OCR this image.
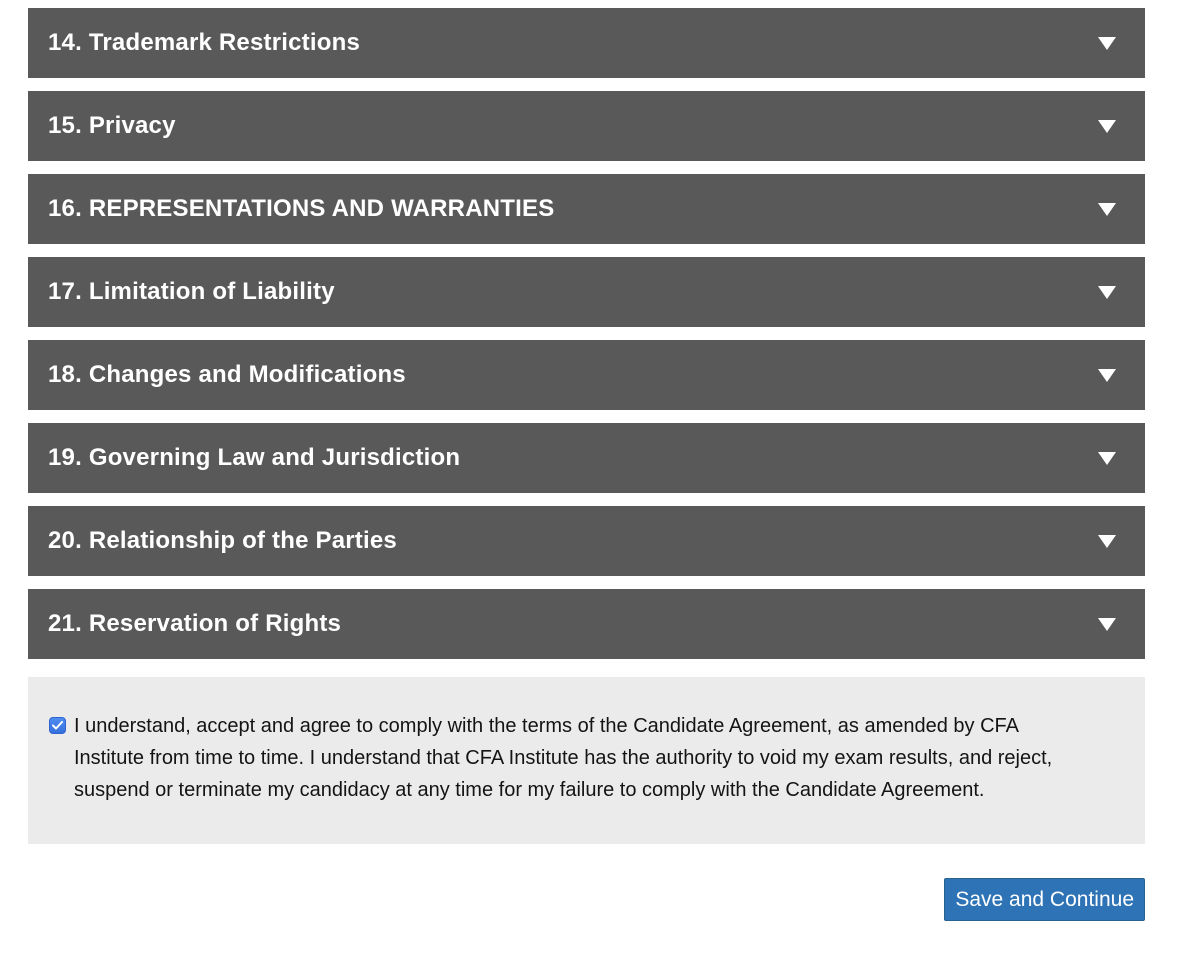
14. Trademark Restrictions
15. Privacy
16. REPRESENTATIONS AND WARRANTIES
17. Limitation of Liability
18. Changes and Modifications
19. Governing Law and Jurisdiction
20. Relationship of the Parties
21. Reservation of Rights
I understand, accept and agree to comply with the terms of the Candidate Agreement, as amended by CFA Institute from time to time. I understand that CFA Institute has the authority to void my exam results, and reject, suspend or terminate my candidacy at any time for my failure to comply with the Candidate Agreement.
Save and Continue
